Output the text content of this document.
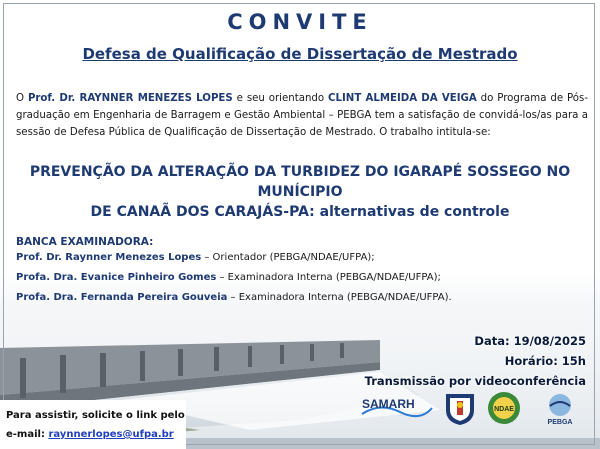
CONVITE
Defesa de Qualificação de Dissertação de Mestrado
O Prof. Dr. RAYNNER MENEZES LOPES e seu orientando CLINT ALMEIDA DA VEIGA do Programa de Pós-graduação em Engenharia de Barragem e Gestão Ambiental – PEBGA tem a satisfação de convidá-los/as para a sessão de Defesa Pública de Qualificação de Dissertação de Mestrado. O trabalho intitula-se:
PREVENÇÃO DA ALTERAÇÃO DA TURBIDEZ DO IGARAPÉ SOSSEGO NO MUNÍCIPIO
DE CANAÃ DOS CARAJÁS-PA: alternativas de controle
BANCA EXAMINADORA:
Prof. Dr. Raynner Menezes Lopes – Orientador (PEBGA/NDAE/UFPA);
Profa. Dra. Evanice Pinheiro Gomes – Examinadora Interna (PEBGA/NDAE/UFPA);
Profa. Dra. Fernanda Pereira Gouveia – Examinadora Interna (PEBGA/NDAE/UFPA).
Data: 19/08/2025
Horário: 15h
Transmissão por videoconferência
SAMARH	NDAE
PEBGA
Para assistir, solicite o link pelo
e-mail: raynnerlopes@ufpa.br
